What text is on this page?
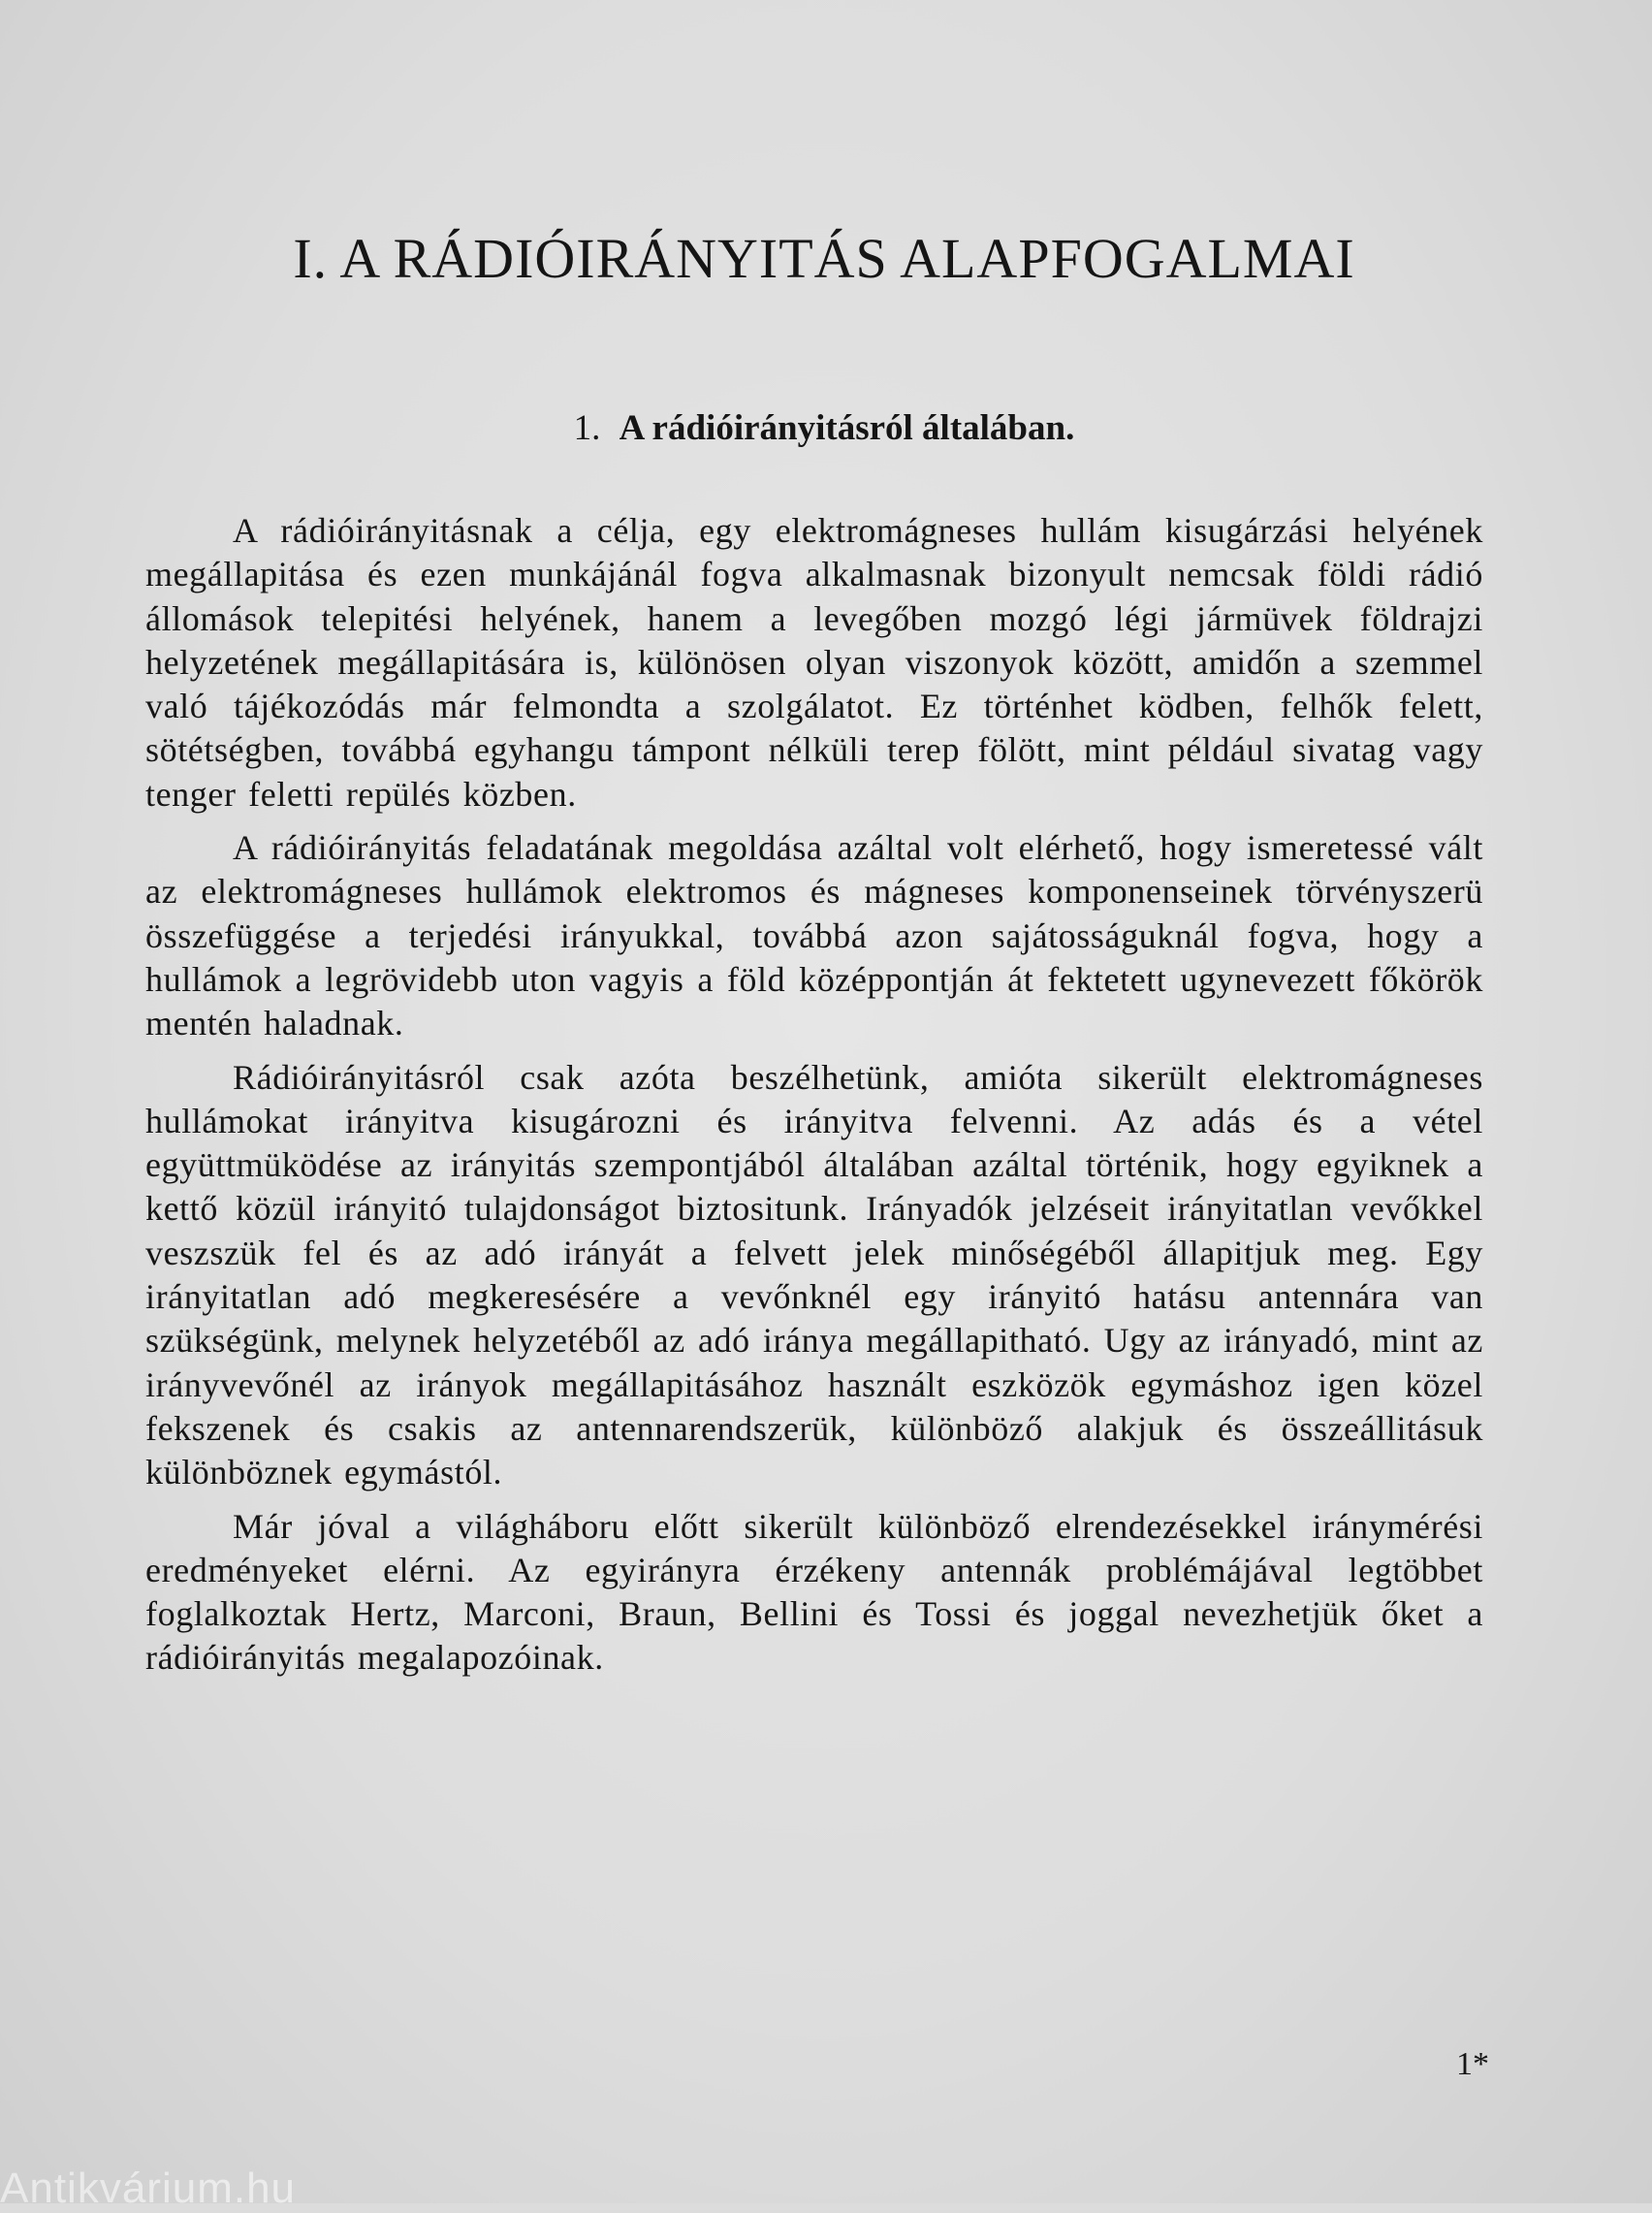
I. A RÁDIÓIRÁNYITÁS ALAPFOGALMAI
1. A rádióirányitásról általában.

A rádióirányitásnak a célja, egy elektromágneses hullám kisugárzási helyének megállapitása és ezen munkájánál fogva alkalmasnak bizonyult nemcsak földi rádió állomások telepitési helyének, hanem a levegőben mozgó légi jármüvek földrajzi helyzetének megállapitására is, különösen olyan viszonyok között, amidőn a szemmel való tájékozódás már felmondta a szolgálatot. Ez történhet ködben, felhők felett, sötétségben, továbbá egyhangu támpont nélküli terep fölött, mint például sivatag vagy tenger feletti repülés közben.

A rádióirányitás feladatának megoldása azáltal volt elérhető, hogy ismeretessé vált az elektromágneses hullámok elektromos és mágneses komponenseinek törvényszerü összefüggése a terjedési irányukkal, továbbá azon sajátosságuknál fogva, hogy a hullámok a legrövidebb uton vagyis a föld középpontján át fektetett ugynevezett főkörök mentén haladnak.

Rádióirányitásról csak azóta beszélhetünk, amióta sikerült elektromágneses hullámokat irányitva kisugározni és irányitva felvenni. Az adás és a vétel együttmüködése az irányitás szempontjából általában azáltal történik, hogy egyiknek a kettő közül irányitó tulajdonságot biztositunk. Irányadók jelzéseit irányitatlan vevőkkel veszszük fel és az adó irányát a felvett jelek minőségéből állapitjuk meg. Egy irányitatlan adó megkeresésére a vevőnknél egy irányitó hatásu antennára van szükségünk, melynek helyzetéből az adó iránya megállapitható. Ugy az irányadó, mint az irányvevőnél az irányok megállapitásához használt eszközök egymáshoz igen közel fekszenek és csakis az antennarendszerük, különböző alakjuk és összeállitásuk különböznek egymástól.

Már jóval a világháboru előtt sikerült különböző elrendezésekkel iránymérési eredményeket elérni. Az egyirányra érzékeny antennák problémájával legtöbbet foglalkoztak Hertz, Marconi, Braun, Bellini és Tossi és joggal nevezhetjük őket a rádióirányitás megalapozóinak.

1*
Antikvárium.hu
